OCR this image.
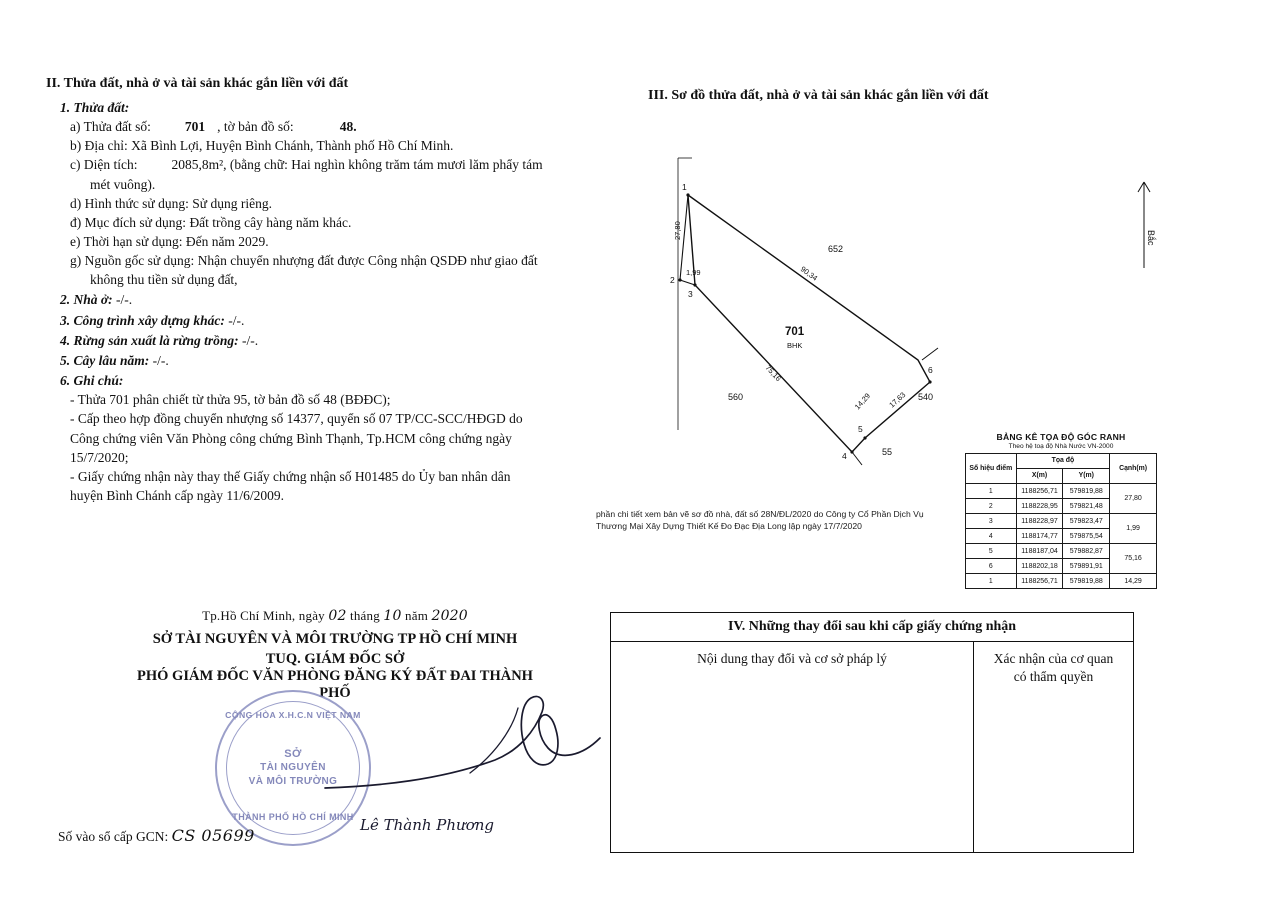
II. Thửa đất, nhà ở và tài sản khác gắn liền với đất
1. Thửa đất:
a) Thửa đất số:	701 , tờ bản đồ số:	48.
b) Địa chỉ: Xã Bình Lợi, Huyện Bình Chánh, Thành phố Hồ Chí Minh.
c) Diện tích:	2085,8m², (bằng chữ: Hai nghìn không trăm tám mươi lăm phẩy tám
mét vuông).
d) Hình thức sử dụng: Sử dụng riêng.
đ) Mục đích sử dụng: Đất trồng cây hàng năm khác.
e) Thời hạn sử dụng: Đến năm 2029.
g) Nguồn gốc sử dụng: Nhận chuyển nhượng đất được Công nhận QSDĐ như giao đất
không thu tiền sử dụng đất,
2. Nhà ở: -/-.
3. Công trình xây dựng khác: -/-.
4. Rừng sản xuất là rừng trồng: -/-.
5. Cây lâu năm: -/-.
6. Ghi chú:
- Thửa 701 phân chiết từ thửa 95, tờ bản đồ số 48 (BĐĐC);
- Cấp theo hợp đồng chuyển nhượng số 14377, quyển số 07 TP/CC-SCC/HĐGD do
Công chứng viên Văn Phòng công chứng Bình Thạnh, Tp.HCM công chứng ngày
15/7/2020;
- Giấy chứng nhận này thay thế Giấy chứng nhận số H01485 do Ủy ban nhân dân
huyện Bình Chánh cấp ngày 11/6/2009.
Tp.Hồ Chí Minh, ngày 02 tháng 10 năm 2020
SỞ TÀI NGUYÊN VÀ MÔI TRƯỜNG TP HỒ CHÍ MINH
TUQ. GIÁM ĐỐC SỞ
PHÓ GIÁM ĐỐC VĂN PHÒNG ĐĂNG KÝ ĐẤT ĐAI THÀNH PHỐ
CỘNG HÒA X.H.C.N VIỆT NAM
SỞ
TÀI NGUYÊN
VÀ MÔI TRƯỜNG
THÀNH PHỐ HỒ CHÍ MINH Lê Thành Phương
Số vào sổ cấp GCN: CS 05699
III. Sơ đồ thửa đất, nhà ở và tài sản khác gắn liền với đất
Bắc
1
2
3
4
5
6
27,80
1,99	90,34
75,16
14,29 17,63
701
BHK
652
560	540
55
phần chi tiết xem bản vẽ sơ đồ nhà, đất số 28N/ĐL/2020 do Công ty Cổ Phần Dịch Vụ
Thương Mại Xây Dựng Thiết Kế Đo Đạc Địa Long lập ngày 17/7/2020
BẢNG KÊ TỌA ĐỘ GÓC RANH
Theo hệ toạ độ Nhà Nước VN-2000
Số hiệu điểm	Tọa độ		Cạnh(m)
	X(m)	Y(m)	
1	1188256,71	579819,88	27,80
2	1188228,95	579821,48	
3	1188228,97	579823,47	1,99
4	1188174,77	579875,54	
5	1188187,04	579882,87	75,16
6	1188202,18	579891,91	
1	1188256,71	579819,88	14,29
IV. Những thay đổi sau khi cấp giấy chứng nhận
Nội dung thay đổi và cơ sở pháp lý	Xác nhận của cơ quan
có thẩm quyền
